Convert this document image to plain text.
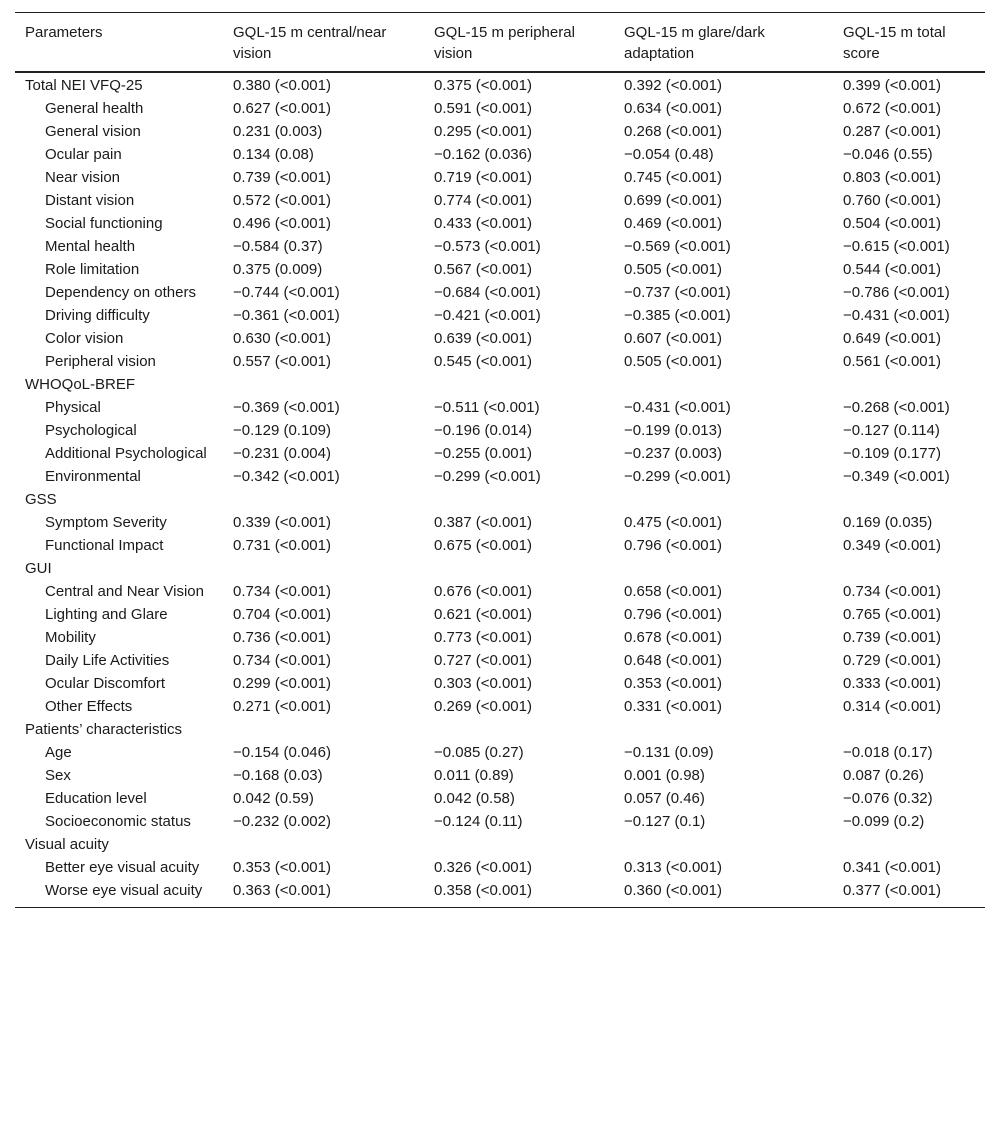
Parameters	GQL-15 m central/near vision	GQL-15 m peripheral vision	GQL-15 m glare/dark adaptation	GQL-15 m total score
Total NEI VFQ-25	0.380 (<0.001)	0.375 (<0.001)	0.392 (<0.001)	0.399 (<0.001)
General health	0.627 (<0.001)	0.591 (<0.001)	0.634 (<0.001)	0.672 (<0.001)
General vision	0.231 (0.003)	0.295 (<0.001)	0.268 (<0.001)	0.287 (<0.001)
Ocular pain	0.134 (0.08)	−0.162 (0.036)	−0.054 (0.48)	−0.046 (0.55)
Near vision	0.739 (<0.001)	0.719 (<0.001)	0.745 (<0.001)	0.803 (<0.001)
Distant vision	0.572 (<0.001)	0.774 (<0.001)	0.699 (<0.001)	0.760 (<0.001)
Social functioning	0.496 (<0.001)	0.433 (<0.001)	0.469 (<0.001)	0.504 (<0.001)
Mental health	−0.584 (0.37)	−0.573 (<0.001)	−0.569 (<0.001)	−0.615 (<0.001)
Role limitation	0.375 (0.009)	0.567 (<0.001)	0.505 (<0.001)	0.544 (<0.001)
Dependency on others	−0.744 (<0.001)	−0.684 (<0.001)	−0.737 (<0.001)	−0.786 (<0.001)
Driving difficulty	−0.361 (<0.001)	−0.421 (<0.001)	−0.385 (<0.001)	−0.431 (<0.001)
Color vision	0.630 (<0.001)	0.639 (<0.001)	0.607 (<0.001)	0.649 (<0.001)
Peripheral vision	0.557 (<0.001)	0.545 (<0.001)	0.505 (<0.001)	0.561 (<0.001)
WHOQoL-BREF				
Physical	−0.369 (<0.001)	−0.511 (<0.001)	−0.431 (<0.001)	−0.268 (<0.001)
Psychological	−0.129 (0.109)	−0.196 (0.014)	−0.199 (0.013)	−0.127 (0.114)
Additional Psychological	−0.231 (0.004)	−0.255 (0.001)	−0.237 (0.003)	−0.109 (0.177)
Environmental	−0.342 (<0.001)	−0.299 (<0.001)	−0.299 (<0.001)	−0.349 (<0.001)
GSS				
Symptom Severity	0.339 (<0.001)	0.387 (<0.001)	0.475 (<0.001)	0.169 (0.035)
Functional Impact	0.731 (<0.001)	0.675 (<0.001)	0.796 (<0.001)	0.349 (<0.001)
GUI				
Central and Near Vision	0.734 (<0.001)	0.676 (<0.001)	0.658 (<0.001)	0.734 (<0.001)
Lighting and Glare	0.704 (<0.001)	0.621 (<0.001)	0.796 (<0.001)	0.765 (<0.001)
Mobility	0.736 (<0.001)	0.773 (<0.001)	0.678 (<0.001)	0.739 (<0.001)
Daily Life Activities	0.734 (<0.001)	0.727 (<0.001)	0.648 (<0.001)	0.729 (<0.001)
Ocular Discomfort	0.299 (<0.001)	0.303 (<0.001)	0.353 (<0.001)	0.333 (<0.001)
Other Effects	0.271 (<0.001)	0.269 (<0.001)	0.331 (<0.001)	0.314 (<0.001)
Patients’ characteristics				
Age	−0.154 (0.046)	−0.085 (0.27)	−0.131 (0.09)	−0.018 (0.17)
Sex	−0.168 (0.03)	0.011 (0.89)	0.001 (0.98)	0.087 (0.26)
Education level	0.042 (0.59)	0.042 (0.58)	0.057 (0.46)	−0.076 (0.32)
Socioeconomic status	−0.232 (0.002)	−0.124 (0.11)	−0.127 (0.1)	−0.099 (0.2)
Visual acuity				
Better eye visual acuity	0.353 (<0.001)	0.326 (<0.001)	0.313 (<0.001)	0.341 (<0.001)
Worse eye visual acuity	0.363 (<0.001)	0.358 (<0.001)	0.360 (<0.001)	0.377 (<0.001)
